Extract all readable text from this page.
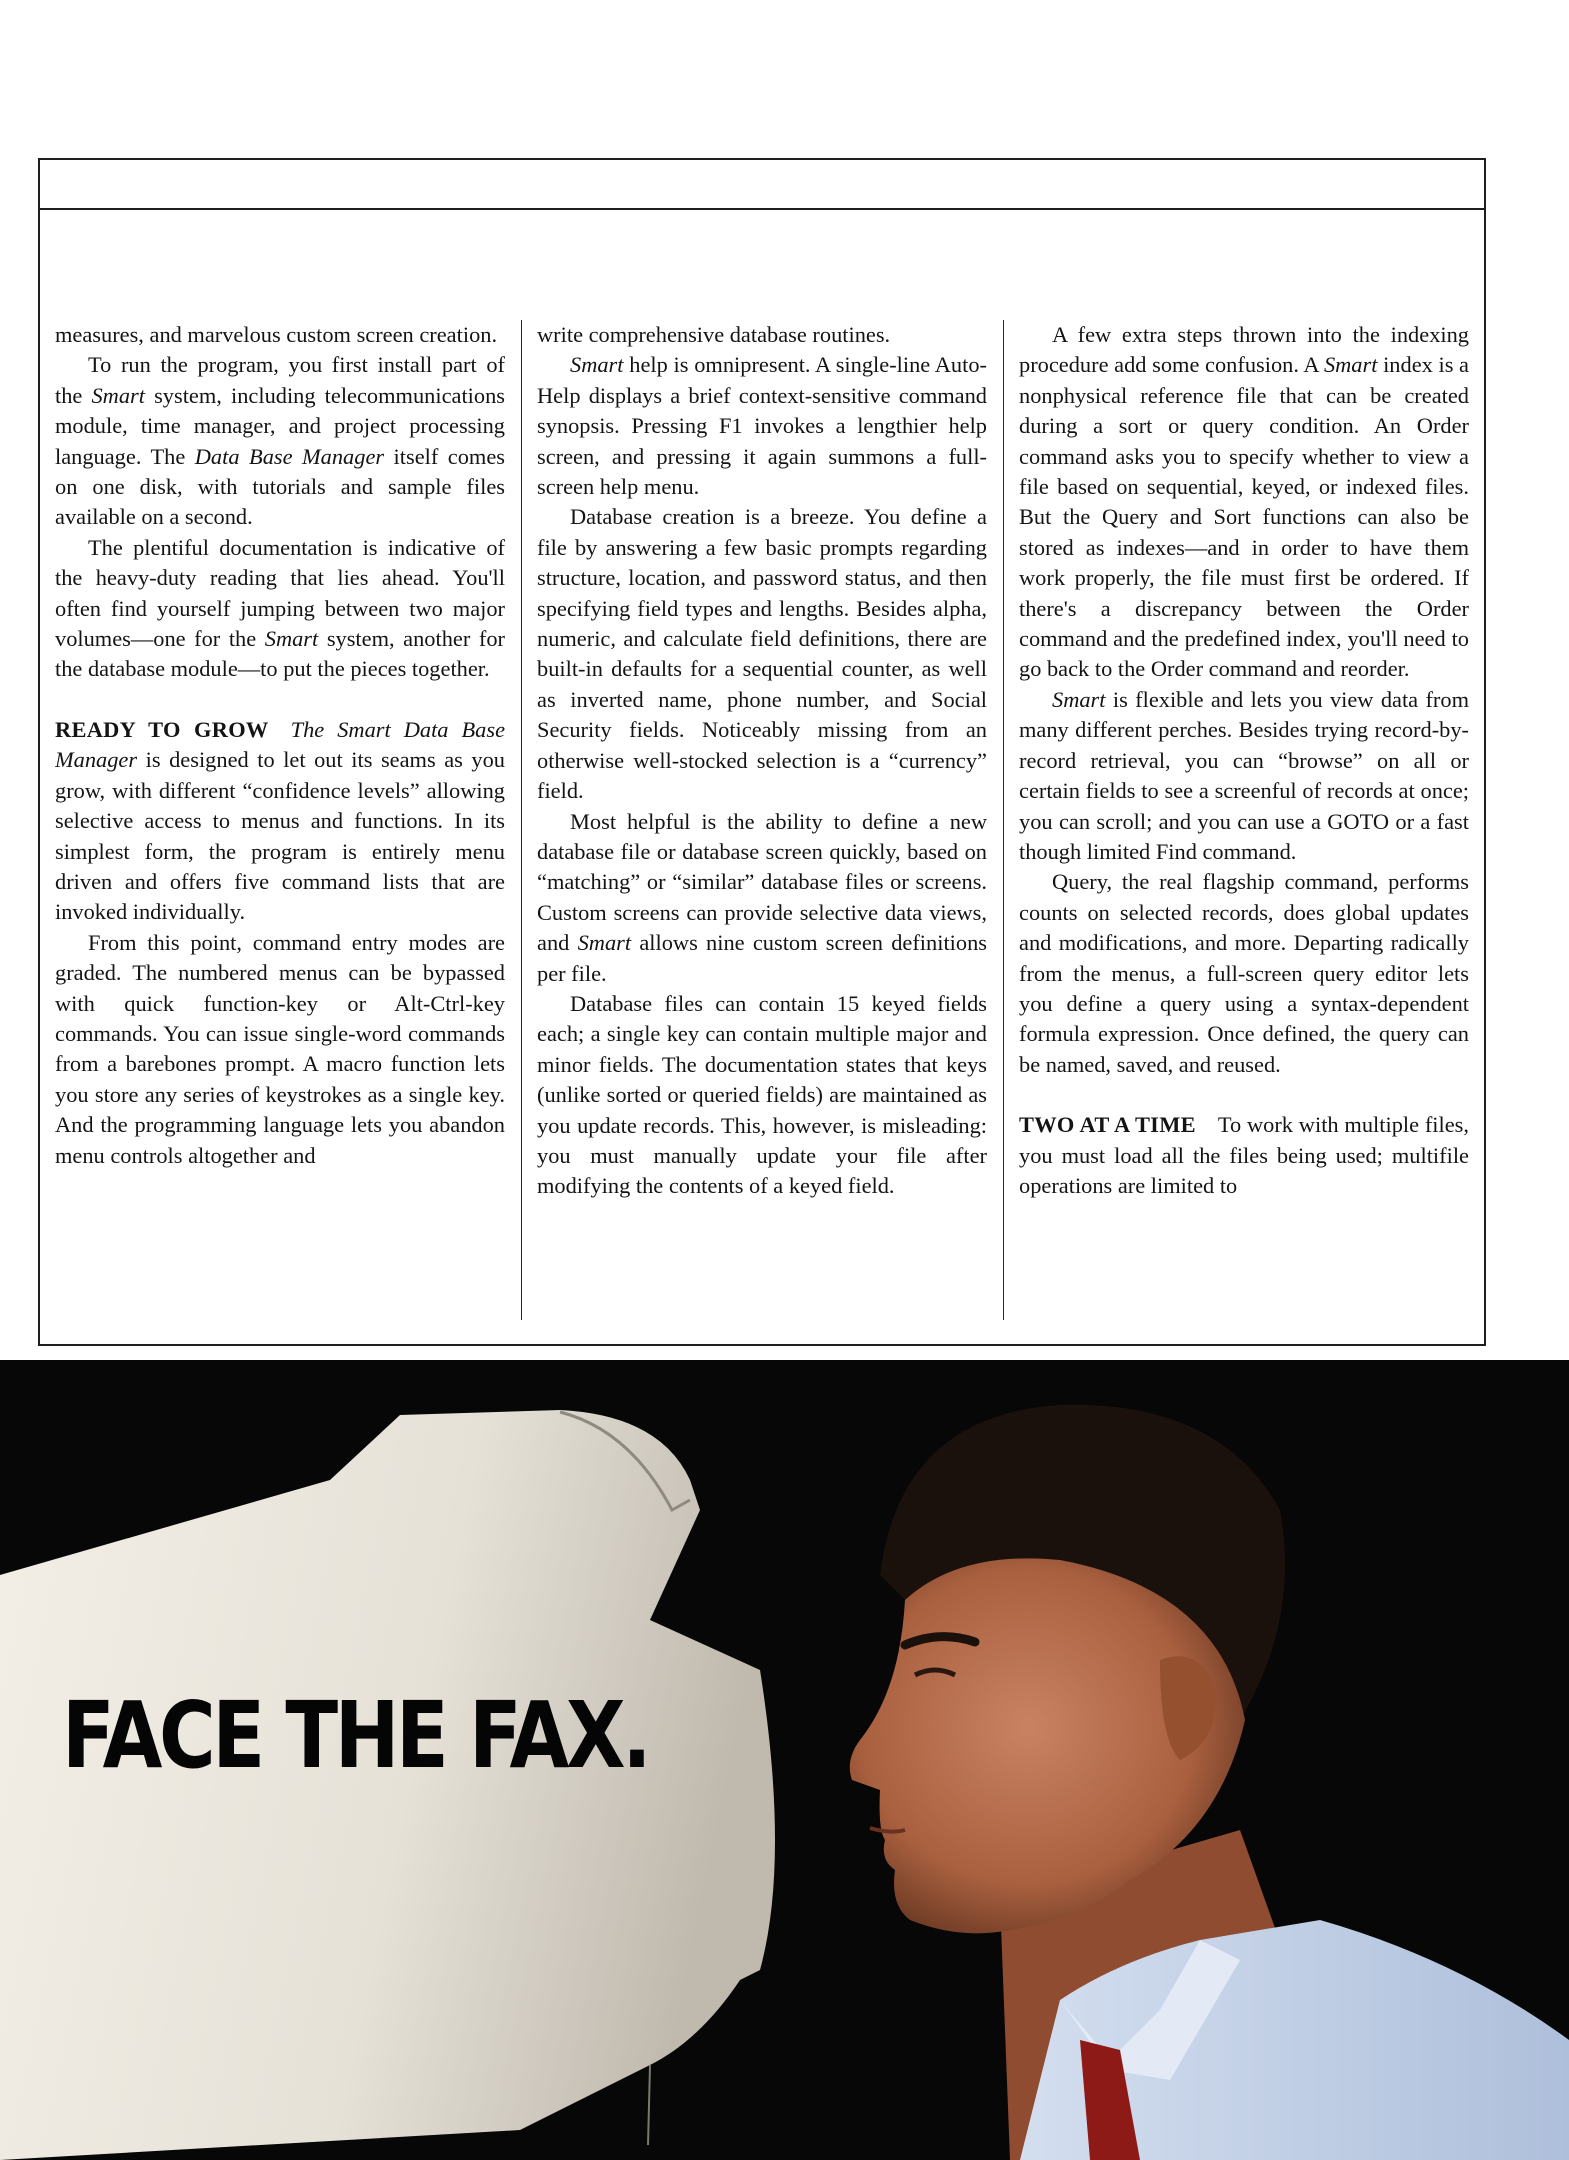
measures, and marvelous custom screen creation.

To run the program, you first install part of the Smart system, including telecommunications module, time manager, and project processing language. The Data Base Manager itself comes on one disk, with tutorials and sample files available on a second.

The plentiful documentation is indicative of the heavy-duty reading that lies ahead. You'll often find yourself jumping between two major volumes—one for the Smart system, another for the database module—to put the pieces together.

READY TO GROW The Smart Data Base Manager is designed to let out its seams as you grow, with different “confidence levels” allowing selective access to menus and functions. In its simplest form, the program is entirely menu driven and offers five command lists that are invoked individually.

From this point, command entry modes are graded. The numbered menus can be bypassed with quick function-key or Alt-Ctrl-key commands. You can issue single-word commands from a barebones prompt. A macro function lets you store any series of keystrokes as a single key. And the programming language lets you abandon menu controls altogether and

write comprehensive database routines.

Smart help is omnipresent. A single-line Auto-Help displays a brief context-sensitive command synopsis. Pressing F1 invokes a lengthier help screen, and pressing it again summons a full-screen help menu.

Database creation is a breeze. You define a file by answering a few basic prompts regarding structure, location, and password status, and then specifying field types and lengths. Besides alpha, numeric, and calculate field definitions, there are built-in defaults for a sequential counter, as well as inverted name, phone number, and Social Security fields. Noticeably missing from an otherwise well-stocked selection is a “currency” field.

Most helpful is the ability to define a new database file or database screen quickly, based on “matching” or “similar” database files or screens. Custom screens can provide selective data views, and Smart allows nine custom screen definitions per file.

Database files can contain 15 keyed fields each; a single key can contain multiple major and minor fields. The documentation states that keys (unlike sorted or queried fields) are maintained as you update records. This, however, is misleading: you must manually update your file after modifying the contents of a keyed field.

A few extra steps thrown into the indexing procedure add some confusion. A Smart index is a nonphysical reference file that can be created during a sort or query condition. An Order command asks you to specify whether to view a file based on sequential, keyed, or indexed files. But the Query and Sort functions can also be stored as indexes—and in order to have them work properly, the file must first be ordered. If there's a discrepancy between the Order command and the predefined index, you'll need to go back to the Order command and reorder.

Smart is flexible and lets you view data from many different perches. Besides trying record-by-record retrieval, you can “browse” on all or certain fields to see a screenful of records at once; you can scroll; and you can use a GOTO or a fast though limited Find command.

Query, the real flagship command, performs counts on selected records, does global updates and modifications, and more. Departing radically from the menus, a full-screen query editor lets you define a query using a syntax-dependent formula expression. Once defined, the query can be named, saved, and reused.

TWO AT A TIME To work with multiple files, you must load all the files being used; multifile operations are limited to

FACE THE FAX.
